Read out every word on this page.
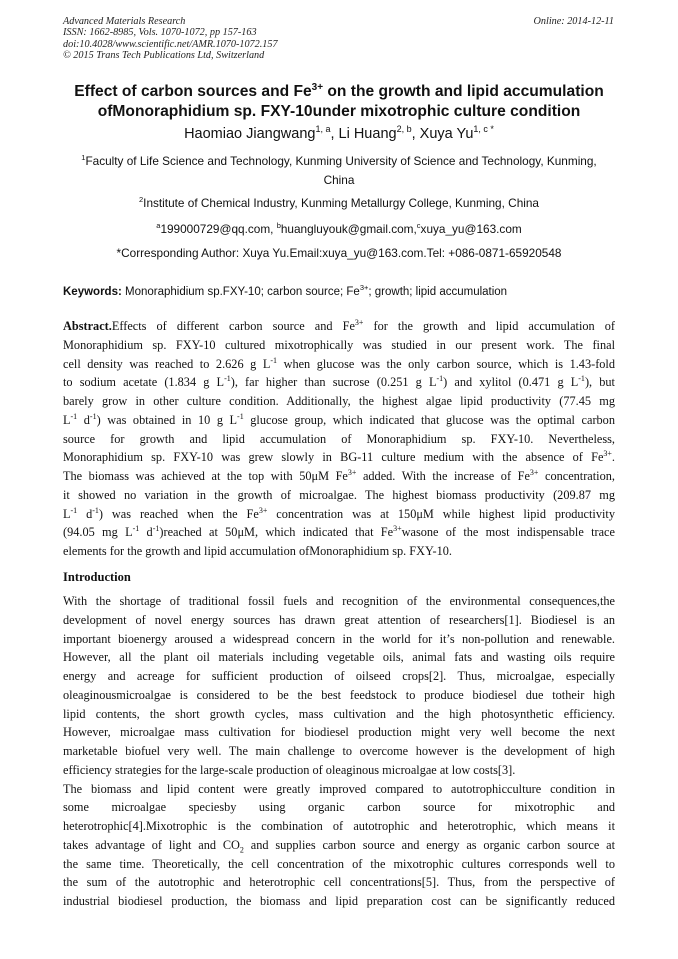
Advanced Materials Research
ISSN: 1662-8985, Vols. 1070-1072, pp 157-163
doi:10.4028/www.scientific.net/AMR.1070-1072.157
© 2015 Trans Tech Publications Ltd, Switzerland
Online: 2014-12-11
Effect of carbon sources and $Fe^{3+}$ on the growth and lipid accumulation
ofMonoraphidium sp. FXY-10under mixotrophic culture condition
Haomiao Jiangwang$^{1, a}$, Li Huang$^{2, b}$, Xuya $Yu^{1, c *}$
$^1$Faculty of Life Science and Technology, Kunming University of Science and Technology, Kunming,
China
$^2$Institute of Chemical Industry, Kunming Metallurgy College, Kunming, China
$^a$199000729@qq.com, $^b$huangluyouk@gmail.com,$^c$xuya_yu@163.com
*Corresponding Author: Xuya Yu.Email:xuya_yu@163.com.Tel: +086-0871-65920548
Keywords: Monoraphidium sp.FXY-10; carbon source; $Fe^{3+}$; growth; lipid accumulation
Abstract.Effects of different carbon source and $Fe^{3+}$ for the growth and lipid accumulation of
Monoraphidium sp. FXY-10 cultured mixotrophically was studied in our present work. The final
cell density was reached to 2.626 g $L^{-1}$ when glucose was the only carbon source, which is 1.43-fold
to sodium acetate (1.834 g $L^{-1}$), far higher than sucrose (0.251 g $L^{-1}$) and xylitol (0.471 g $L^{-1}$), but
barely grow in other culture condition. Additionally, the highest algae lipid productivity (77.45 mg
$L^{-1}$ $d^{-1}$) was obtained in 10 g $L^{-1}$ glucose group, which indicated that glucose was the optimal carbon
source for growth and lipid accumulation of Monoraphidium sp. FXY-10. Nevertheless,
Monoraphidium sp. FXY-10 was grew slowly in BG-11 culture medium with the absence of $Fe^{3+}$.
The biomass was achieved at the top with 50μM $Fe^{3+}$ added. With the increase of $Fe^{3+}$ concentration,
it showed no variation in the growth of microalgae. The highest biomass productivity (209.87 mg
$L^{-1}$ $d^{-1}$) was reached when the $Fe^{3+}$ concentration was at 150μM while highest lipid productivity
(94.05 mg $L^{-1}$ $d^{-1})reached$ at 50μM, which indicated that $Fe^{3+}wasone$ of the most indispensable trace
elements for the growth and lipid accumulation ofMonoraphidium sp. FXY-10.
Introduction
With the shortage of traditional fossil fuels and recognition of the environmental consequences,the
development of novel energy sources has drawn great attention of researchers[1]. Biodiesel is an
important bioenergy aroused a widespread concern in the world for it’s non-pollution and renewable.
However, all the plant oil materials including vegetable oils, animal fats and wasting oils require
energy and acreage for sufficient production of oilseed crops[2]. Thus, microalgae, especially
oleaginousmicroalgae is considered to be the best feedstock to produce biodiesel due totheir high
lipid contents, the short growth cycles, mass cultivation and the high photosynthetic efficiency.
However, microalgae mass cultivation for biodiesel production might very well become the next
marketable biofuel very well. The main challenge to overcome however is the development of high
efficiency strategies for the large-scale production of oleaginous microalgae at low costs[3].
The biomass and lipid content were greatly improved compared to autotrophicculture condition in
some microalgae speciesby using organic carbon source for mixotrophic and
heterotrophic[4].Mixotrophic is the combination of autotrophic and heterotrophic, which means it
takes advantage of light and $CO_2$ and supplies carbon source and energy as organic carbon source at
the same time. Theoretically, the cell concentration of the mixotrophic cultures corresponds well to
the sum of the autotrophic and heterotrophic cell concentrations[5]. Thus, from the perspective of
industrial biodiesel production, the biomass and lipid preparation cost can be significantly reduced
